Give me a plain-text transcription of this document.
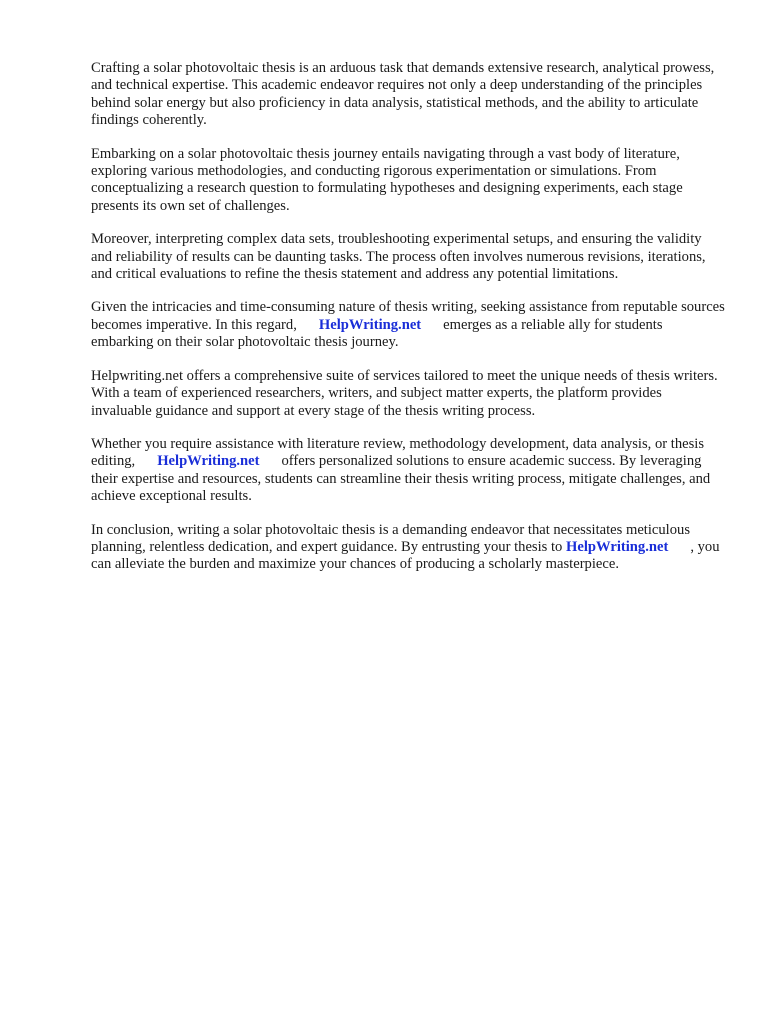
Crafting a solar photovoltaic thesis is an arduous task that demands extensive research, analytical prowess, and technical expertise. This academic endeavor requires not only a deep understanding of the principles behind solar energy but also proficiency in data analysis, statistical methods, and the ability to articulate findings coherently.

Embarking on a solar photovoltaic thesis journey entails navigating through a vast body of literature, exploring various methodologies, and conducting rigorous experimentation or simulations. From conceptualizing a research question to formulating hypotheses and designing experiments, each stage presents its own set of challenges.

Moreover, interpreting complex data sets, troubleshooting experimental setups, and ensuring the validity and reliability of results can be daunting tasks. The process often involves numerous revisions, iterations, and critical evaluations to refine the thesis statement and address any potential limitations.

Given the intricacies and time-consuming nature of thesis writing, seeking assistance from reputable sources becomes imperative. In this regard, HelpWriting.net emerges as a reliable ally for students embarking on their solar photovoltaic thesis journey.

Helpwriting.net offers a comprehensive suite of services tailored to meet the unique needs of thesis writers. With a team of experienced researchers, writers, and subject matter experts, the platform provides invaluable guidance and support at every stage of the thesis writing process.

Whether you require assistance with literature review, methodology development, data analysis, or thesis editing, HelpWriting.net offers personalized solutions to ensure academic success. By leveraging their expertise and resources, students can streamline their thesis writing process, mitigate challenges, and achieve exceptional results.

In conclusion, writing a solar photovoltaic thesis is a demanding endeavor that necessitates meticulous planning, relentless dedication, and expert guidance. By entrusting your thesis to HelpWriting.net , you can alleviate the burden and maximize your chances of producing a scholarly masterpiece.
